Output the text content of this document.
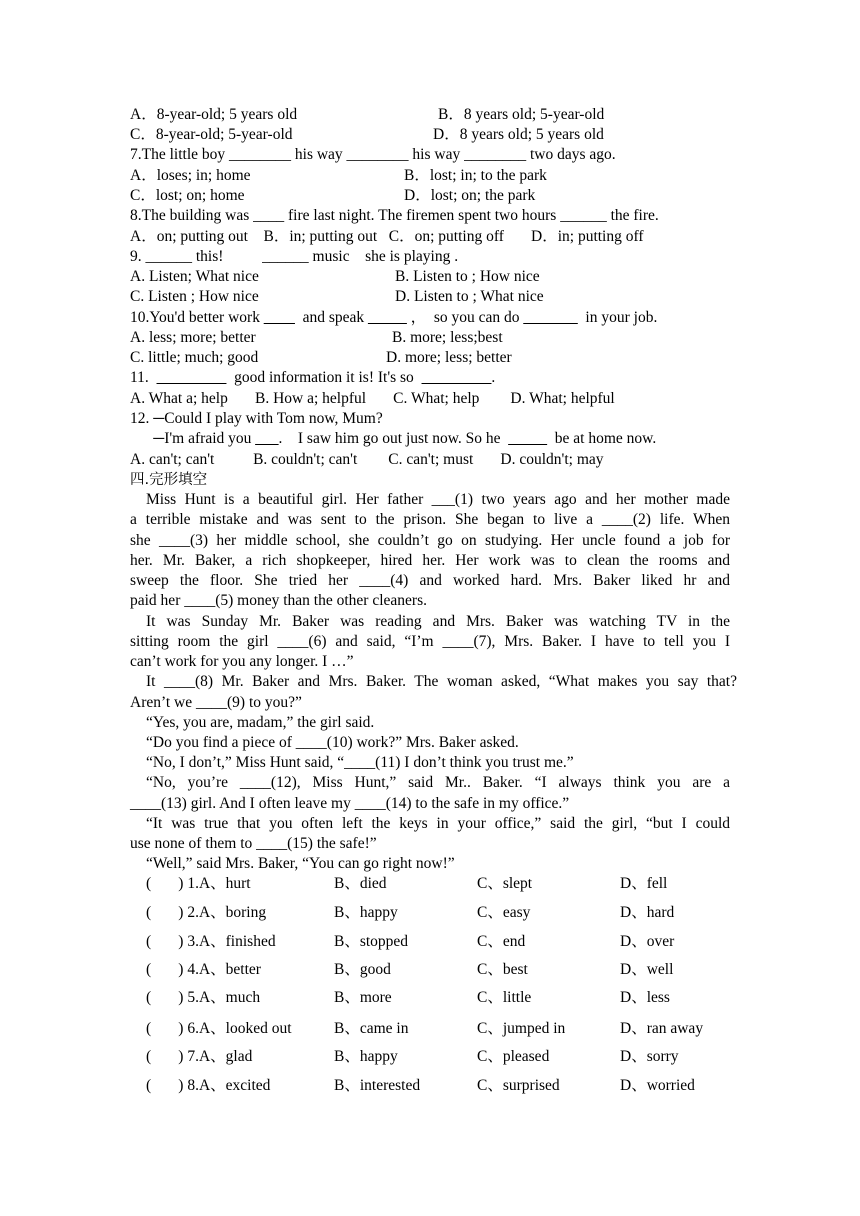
A．8-year-old; 5 years old	B．8 years old; 5-year-old
C．8-year-old; 5-year-old	D．8 years old; 5 years old
7.The little boy ________ his way ________ his way ________ two days ago.
A．loses; in; home	B．lost; in; to the park
C．lost; on; home	D．lost; on; the park
8.The building was ____ fire last night. The firemen spent two hours ______ the fire.
A．on; putting out    B．in; putting out   C．on; putting off       D．in; putting off
9. ______ this!          ______ music    she is playing .
A. Listen; What nice	B. Listen to ; How nice
C. Listen ; How nice	D. Listen to ; What nice
10.You'd better work ____  and speak _____ ，  so you can do _______  in your job.
A. less; more; better	B. more; less;best
C. little; much; good	D. more; less; better
11.  _________  good information it is! It's so  _________.
A. What a; help       B. How a; helpful       C. What; help        D. What; helpful
12. ─Could I play with Tom now, Mum?
─I'm afraid you ___.    I saw him go out just now. So he  _____  be at home now.
A. can't; can't          B. couldn't; can't        C. can't; must       D. couldn't; may
四.完形填空
Miss Hunt is a beautiful girl. Her father ___(1) two years ago and her mother made
a terrible mistake and was sent to the prison. She began to live a ____(2) life. When
she ____(3) her middle school, she couldn’t go on studying. Her uncle found a job for
her. Mr. Baker, a rich shopkeeper, hired her. Her work was to clean the rooms and
sweep the floor. She tried her ____(4) and worked hard. Mrs. Baker liked hr and
paid her ____(5) money than the other cleaners.
It was Sunday Mr. Baker was reading and Mrs. Baker was watching TV in the
sitting room the girl ____(6) and said, “I’m ____(7), Mrs. Baker. I have to tell you I
can’t work for you any longer. I …”
It ____(8) Mr. Baker and Mrs. Baker. The woman asked, “What makes you say that?
Aren’t we ____(9) to you?”
“Yes, you are, madam,” the girl said.
“Do you find a piece of ____(10) work?” Mrs. Baker asked.
“No, I don’t,” Miss Hunt said, “____(11) I don’t think you trust me.”
“No, you’re ____(12), Miss Hunt,” said Mr.. Baker. “I always think you are a
____(13) girl. And I often leave my ____(14) to the safe in my office.”
“It was true that you often left the keys in your office,” said the girl, “but I could
use none of them to ____(15) the safe!”
“Well,” said Mrs. Baker, “You can go right now!”
(       ) 1.A、hurt	B、died	C、slept	D、fell
(       ) 2.A、boring	B、happy	C、easy	D、hard
(       ) 3.A、finished	B、stopped	C、end	D、over
(       ) 4.A、better	B、good	C、best	D、well
(       ) 5.A、much	B、more	C、little	D、less
(       ) 6.A、looked out	B、came in	C、jumped in	D、ran away
(       ) 7.A、glad	B、happy	C、pleased	D、sorry
(       ) 8.A、excited	B、interested	C、surprised	D、worried
